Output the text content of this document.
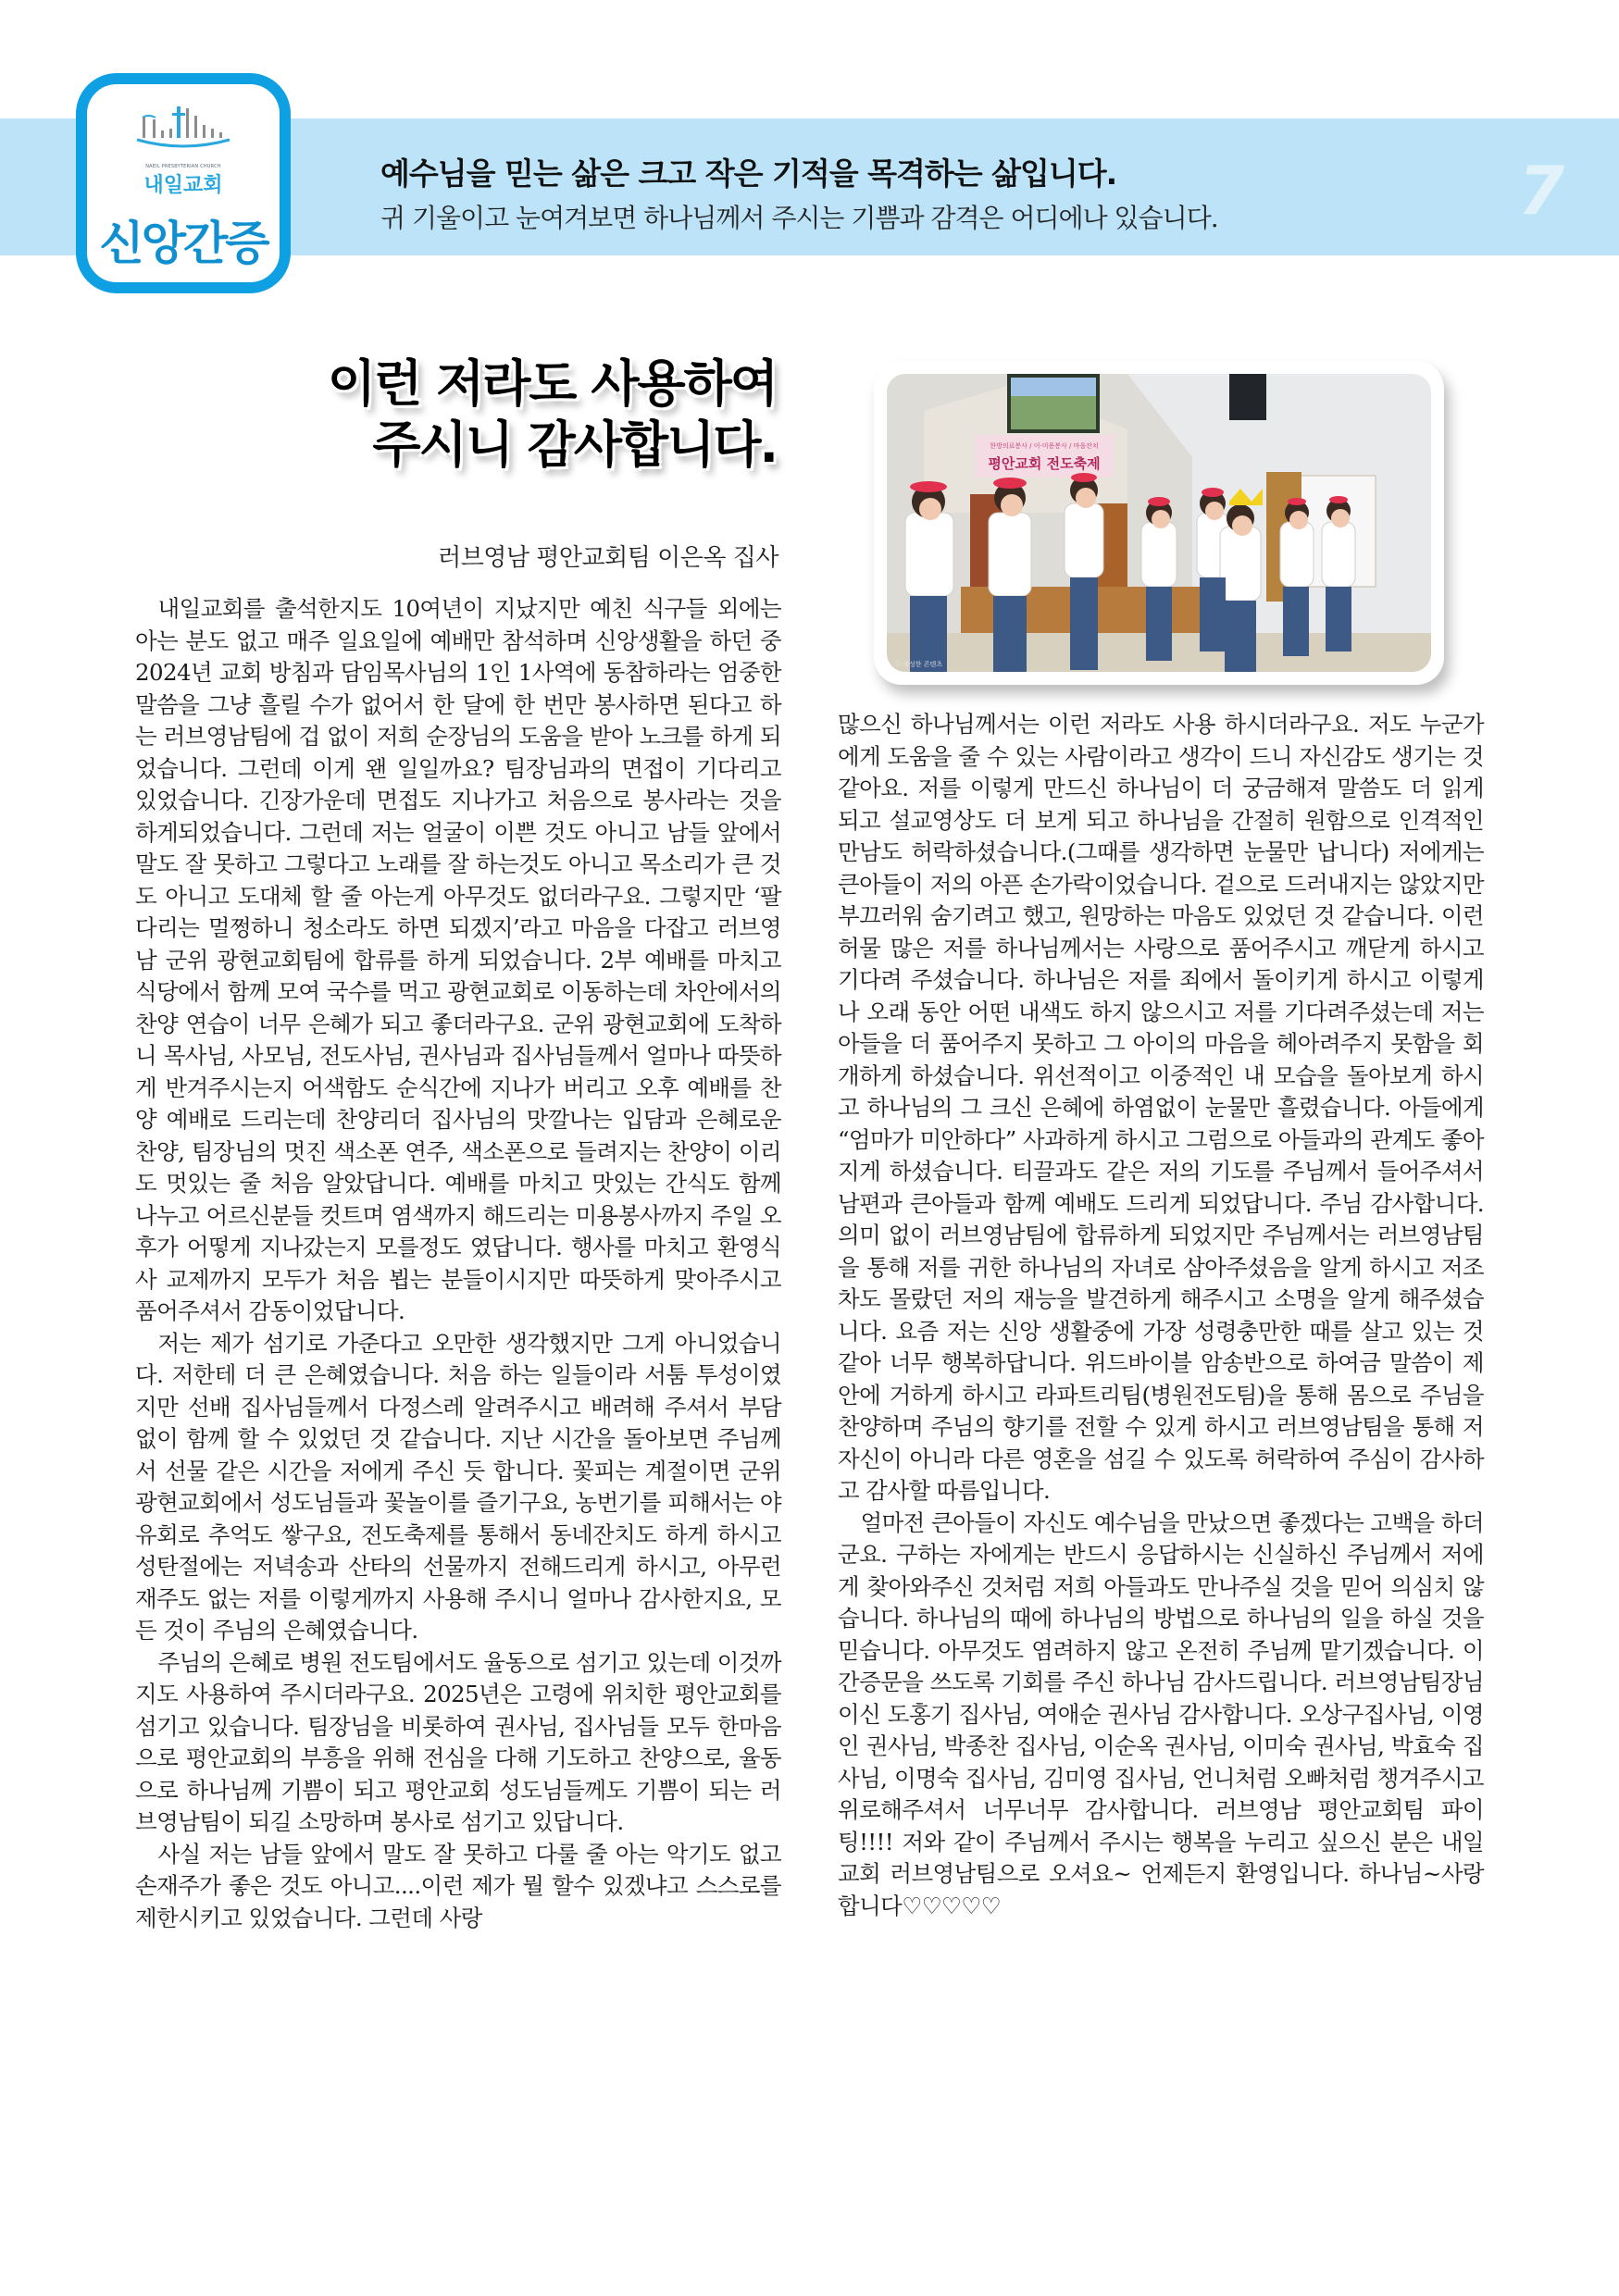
NAEIL PRESBYTERIAN CHURCH
내일교회
신앙간증
예수님을 믿는 삶은 크고 작은 기적을 목격하는 삶입니다.
귀 기울이고 눈여겨보면 하나님께서 주시는 기쁨과 감격은 어디에나 있습니다.	7
이런 저라도 사용하여
주시니 감사합니다.
러브영남 평안교회팀 이은옥 집사
한방의료봉사 / 이·미용봉사 / 마을잔치
평안교회 전도축제
ⓒ 생성한 콘텐츠

내일교회를 출석한지도 10여년이 지났지만 예친 식구들 외에는 아는 분도 없고 매주 일요일에 예배만 참석하며 신앙생활을 하던 중 2024년 교회 방침과 담임목사님의 1인 1사역에 동참하라는 엄중한 말씀을 그냥 흘릴 수가 없어서 한 달에 한 번만 봉사하면 된다고 하는 러브영남팀에 겁 없이 저희 순장님의 도움을 받아 노크를 하게 되었습니다. 그런데 이게 왠 일일까요? 팀장님과의 면접이 기다리고 있었습니다. 긴장가운데 면접도 지나가고 처음으로 봉사라는 것을 하게되었습니다. 그런데 저는 얼굴이 이쁜 것도 아니고 남들 앞에서 말도 잘 못하고 그렇다고 노래를 잘 하는것도 아니고 목소리가 큰 것도 아니고 도대체 할 줄 아는게 아무것도 없더라구요. 그렇지만 ‘팔다리는 멀쩡하니 청소라도 하면 되겠지’라고 마음을 다잡고 러브영남 군위 광현교회팀에 합류를 하게 되었습니다. 2부 예배를 마치고 식당에서 함께 모여 국수를 먹고 광현교회로 이동하는데 차안에서의 찬양 연습이 너무 은혜가 되고 좋더라구요. 군위 광현교회에 도착하니 목사님, 사모님, 전도사님, 권사님과 집사님들께서 얼마나 따뜻하게 반겨주시는지 어색함도 순식간에 지나가 버리고 오후 예배를 찬양 예배로 드리는데 찬양리더 집사님의 맛깔나는 입담과 은혜로운 찬양, 팀장님의 멋진 색소폰 연주, 색소폰으로 들려지는 찬양이 이리도 멋있는 줄 처음 알았답니다. 예배를 마치고 맛있는 간식도 함께 나누고 어르신분들 컷트며 염색까지 해드리는 미용봉사까지 주일 오후가 어떻게 지나갔는지 모를정도 였답니다. 행사를 마치고 환영식사 교제까지 모두가 처음 뵙는 분들이시지만 따뜻하게 맞아주시고 품어주셔서 감동이었답니다.

저는 제가 섬기로 가준다고 오만한 생각했지만 그게 아니었습니다. 저한테 더 큰 은혜였습니다. 처음 하는 일들이라 서툼 투성이였지만 선배 집사님들께서 다정스레 알려주시고 배려해 주셔서 부담 없이 함께 할 수 있었던 것 같습니다. 지난 시간을 돌아보면 주님께서 선물 같은 시간을 저에게 주신 듯 합니다. 꽃피는 계절이면 군위 광현교회에서 성도님들과 꽃놀이를 즐기구요, 농번기를 피해서는 야유회로 추억도 쌓구요, 전도축제를 통해서 동네잔치도 하게 하시고 성탄절에는 저녁송과 산타의 선물까지 전해드리게 하시고, 아무런 재주도 없는 저를 이렇게까지 사용해 주시니 얼마나 감사한지요, 모든 것이 주님의 은혜였습니다.

주님의 은혜로 병원 전도팀에서도 율동으로 섬기고 있는데 이것까지도 사용하여 주시더라구요. 2025년은 고령에 위치한 평안교회를 섬기고 있습니다. 팀장님을 비롯하여 권사님, 집사님들 모두 한마음으로 평안교회의 부흥을 위해 전심을 다해 기도하고 찬양으로, 율동으로 하나님께 기쁨이 되고 평안교회 성도님들께도 기쁨이 되는 러브영남팀이 되길 소망하며 봉사로 섬기고 있답니다.

사실 저는 남들 앞에서 말도 잘 못하고 다룰 줄 아는 악기도 없고 손재주가 좋은 것도 아니고....이런 제가 뭘 할수 있겠냐고 스스로를 제한시키고 있었습니다. 그런데 사랑

많으신 하나님께서는 이런 저라도 사용 하시더라구요. 저도 누군가에게 도움을 줄 수 있는 사람이라고 생각이 드니 자신감도 생기는 것 같아요. 저를 이렇게 만드신 하나님이 더 궁금해져 말씀도 더 읽게 되고 설교영상도 더 보게 되고 하나님을 간절히 원함으로 인격적인 만남도 허락하셨습니다.(그때를 생각하면 눈물만 납니다) 저에게는 큰아들이 저의 아픈 손가락이었습니다. 겉으로 드러내지는 않았지만 부끄러워 숨기려고 했고, 원망하는 마음도 있었던 것 같습니다. 이런 허물 많은 저를 하나님께서는 사랑으로 품어주시고 깨닫게 하시고 기다려 주셨습니다. 하나님은 저를 죄에서 돌이키게 하시고 이렇게나 오래 동안 어떤 내색도 하지 않으시고 저를 기다려주셨는데 저는 아들을 더 품어주지 못하고 그 아이의 마음을 헤아려주지 못함을 회개하게 하셨습니다. 위선적이고 이중적인 내 모습을 돌아보게 하시고 하나님의 그 크신 은혜에 하염없이 눈물만 흘렸습니다. 아들에게 “엄마가 미안하다” 사과하게 하시고 그럼으로 아들과의 관계도 좋아지게 하셨습니다. 티끌과도 같은 저의 기도를 주님께서 들어주셔서 남편과 큰아들과 함께 예배도 드리게 되었답니다. 주님 감사합니다. 의미 없이 러브영남팀에 합류하게 되었지만 주님께서는 러브영남팀을 통해 저를 귀한 하나님의 자녀로 삼아주셨음을 알게 하시고 저조차도 몰랐던 저의 재능을 발견하게 해주시고 소명을 알게 해주셨습니다. 요즘 저는 신앙 생활중에 가장 성령충만한 때를 살고 있는 것같아 너무 행복하답니다. 위드바이블 암송반으로 하여금 말씀이 제 안에 거하게 하시고 라파트리팀(병원전도팀)을 통해 몸으로 주님을 찬양하며 주님의 향기를 전할 수 있게 하시고 러브영남팀을 통해 저 자신이 아니라 다른 영혼을 섬길 수 있도록 허락하여 주심이 감사하고 감사할 따름입니다.

얼마전 큰아들이 자신도 예수님을 만났으면 좋겠다는 고백을 하더군요. 구하는 자에게는 반드시 응답하시는 신실하신 주님께서 저에게 찾아와주신 것처럼 저희 아들과도 만나주실 것을 믿어 의심치 않습니다. 하나님의 때에 하나님의 방법으로 하나님의 일을 하실 것을 믿습니다. 아무것도 염려하지 않고 온전히 주님께 맡기겠습니다. 이 간증문을 쓰도록 기회를 주신 하나님 감사드립니다. 러브영남팀장님이신 도홍기 집사님, 여애순 권사님 감사합니다. 오상구집사님, 이영인 권사님, 박종찬 집사님, 이순옥 권사님, 이미숙 권사님, 박효숙 집사님, 이명숙 집사님, 김미영 집사님, 언니처럼 오빠처럼 챙겨주시고 위로해주셔서 너무너무 감사합니다. 러브영남 평안교회팀 파이팅!!!! 저와 같이 주님께서 주시는 행복을 누리고 싶으신 분은 내일교회 러브영남팀으로 오셔요~ 언제든지 환영입니다. 하나님~사랑합니다♡♡♡♡♡
